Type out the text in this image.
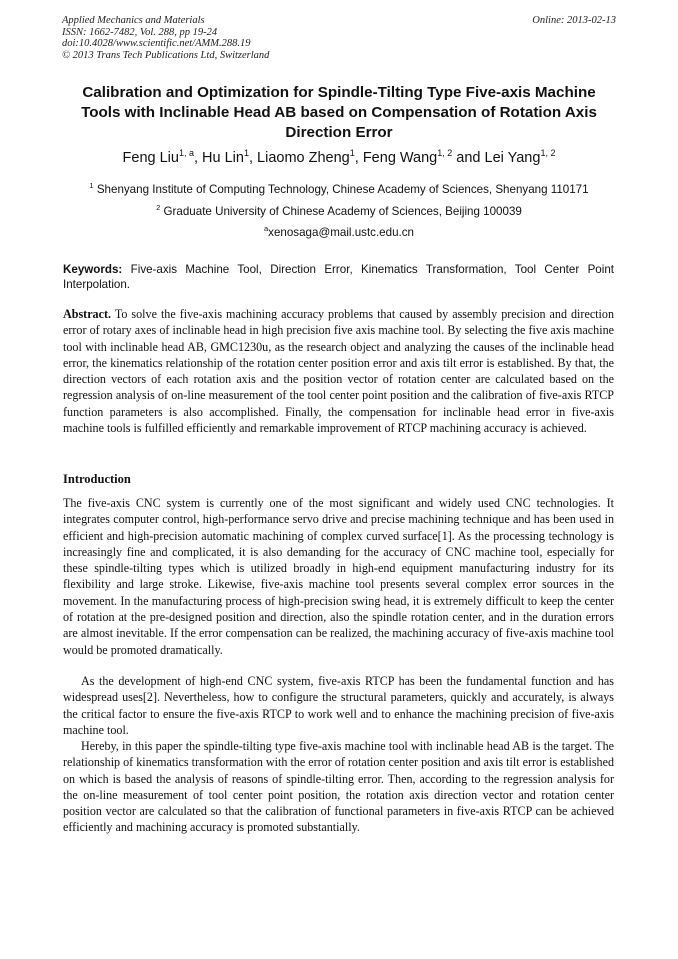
Applied Mechanics and Materials
ISSN: 1662-7482, Vol. 288, pp 19-24
doi:10.4028/www.scientific.net/AMM.288.19
© 2013 Trans Tech Publications Ltd, Switzerland
Online: 2013-02-13
Calibration and Optimization for Spindle-Tilting Type Five-axis Machine
Tools with Inclinable Head AB based on Compensation of Rotation Axis
Direction Error
Feng Liu$^{1, a}$, Hu Lin$^1$, Liaomo Zheng$^1$, Feng Wang$^{1, 2}$ and Lei Yang$^{1, 2}$
$^1$ Shenyang Institute of Computing Technology, Chinese Academy of Sciences, Shenyang 110171
$^2$ Graduate University of Chinese Academy of Sciences, Beijing 100039
$^a$xenosaga@mail.ustc.edu.cn
Keywords: Five-axis Machine Tool, Direction Error, Kinematics Transformation, Tool Center Point Interpolation.
Abstract. To solve the five-axis machining accuracy problems that caused by assembly precision and direction error of rotary axes of inclinable head in high precision five axis machine tool. By selecting the five axis machine tool with inclinable head AB, GMC1230u, as the research object and analyzing the causes of the inclinable head error, the kinematics relationship of the rotation center position error and axis tilt error is established. By that, the direction vectors of each rotation axis and the position vector of rotation center are calculated based on the regression analysis of on-line measurement of the tool center point position and the calibration of five-axis RTCP function parameters is also accomplished. Finally, the compensation for inclinable head error in five-axis machine tools is fulfilled efficiently and remarkable improvement of RTCP machining accuracy is achieved.
Introduction

The five-axis CNC system is currently one of the most significant and widely used CNC technologies. It integrates computer control, high-performance servo drive and precise machining technique and has been used in efficient and high-precision automatic machining of complex curved surface[1]. As the processing technology is increasingly fine and complicated, it is also demanding for the accuracy of CNC machine tool, especially for these spindle-tilting types which is utilized broadly in high-end equipment manufacturing industry for its flexibility and large stroke. Likewise, five-axis machine tool presents several complex error sources in the movement. In the manufacturing process of high-precision swing head, it is extremely difficult to keep the center of rotation at the pre-designed position and direction, also the spindle rotation center, and in the duration errors are almost inevitable. If the error compensation can be realized, the machining accuracy of five-axis machine tool would be promoted dramatically.

As the development of high-end CNC system, five-axis RTCP has been the fundamental function and has widespread uses[2]. Nevertheless, how to configure the structural parameters, quickly and accurately, is always the critical factor to ensure the five-axis RTCP to work well and to enhance the machining precision of five-axis machine tool.

Hereby, in this paper the spindle-tilting type five-axis machine tool with inclinable head AB is the target. The relationship of kinematics transformation with the error of rotation center position and axis tilt error is established on which is based the analysis of reasons of spindle-tilting error. Then, according to the regression analysis for the on-line measurement of tool center point position, the rotation axis direction vector and rotation center position vector are calculated so that the calibration of functional parameters in five-axis RTCP can be achieved efficiently and machining accuracy is promoted substantially.
